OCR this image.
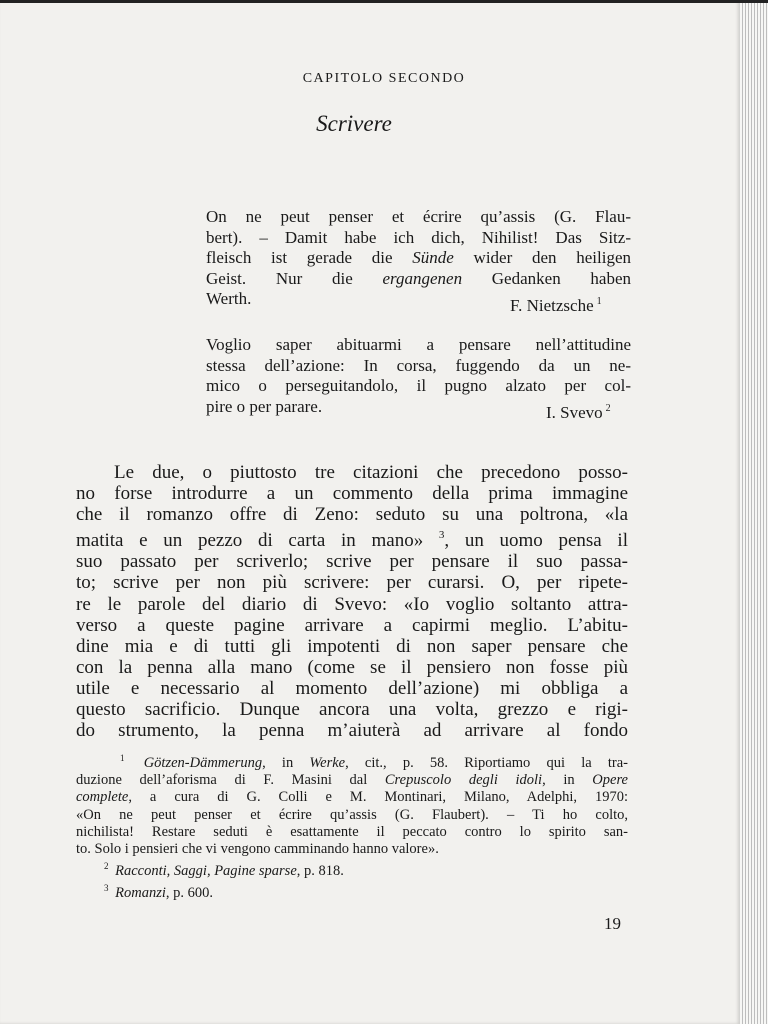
CAPITOLO SECONDO
Scrivere
On ne peut penser et écrire qu’assis (G. Flau-
bert). – Damit habe ich dich, Nihilist! Das Sitz-
fleisch ist gerade die Sünde wider den heiligen
Geist. Nur die ergangenen Gedanken haben
Werth.	F. Nietzsche $^1$
Voglio saper abituarmi a pensare nell’attitudine
stessa dell’azione: In corsa, fuggendo da un ne-
mico o perseguitandolo, il pugno alzato per col-
pire o per parare.	I. Svevo $^2$
Le due, o piuttosto tre citazioni che precedono posso-
no forse introdurre a un commento della prima immagine
che il romanzo offre di Zeno: seduto su una poltrona, «la
matita e un pezzo di carta in mano» $^3$, un uomo pensa il
suo passato per scriverlo; scrive per pensare il suo passa-
to; scrive per non più scrivere: per curarsi. O, per ripete-
re le parole del diario di Svevo: «Io voglio soltanto attra-
verso a queste pagine arrivare a capirmi meglio. L’abitu-
dine mia e di tutti gli impotenti di non saper pensare che
con la penna alla mano (come se il pensiero non fosse più
utile e necessario al momento dell’azione) mi obbliga a
questo sacrificio. Dunque ancora una volta, grezzo e rigi-
do strumento, la penna m’aiuterà ad arrivare al fondo
$^1$ Götzen-Dämmerung, in Werke, cit., p. 58. Riportiamo qui la tra-
duzione dell’aforisma di F. Masini dal Crepuscolo degli idoli, in Opere
complete, a cura di G. Colli e M. Montinari, Milano, Adelphi, 1970:
«On ne peut penser et écrire qu’assis (G. Flaubert). – Ti ho colto,
nichilista! Restare seduti è esattamente il peccato contro lo spirito san-
to. Solo i pensieri che vi vengono camminando hanno valore».
$^2$ Racconti, Saggi, Pagine sparse, p. 818.
$^3$ Romanzi, p. 600.
19
